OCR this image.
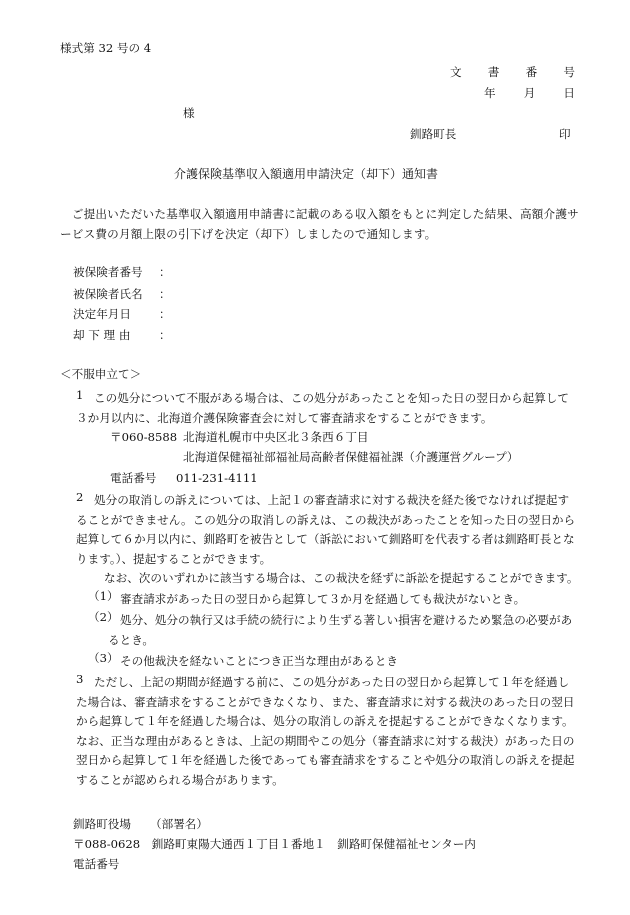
様式第 32 号の 4
文 書 番 号
年 月 日
様
釧路町長	印
介護保険基準収入額適用申請決定（却下）通知書
　ご提出いただいた基準収入額適用申請書に記載のある収入額をもとに判定した結果、高額介護サービス費の月額上限の引下げを決定（却下）しましたので通知します。
被保険者番号	：
被保険者氏名	：
決定年月日	：
却 下 理 由	：
＜不服申立て＞
1 この処分について不服がある場合は、この処分があったことを知った日の翌日から起算して３か月以内に、北海道介護保険審査会に対して審査請求をすることができます。
〒060-8588 北海道札幌市中央区北３条西６丁目
北海道保健福祉部福祉局高齢者保健福祉課（介護運営グループ）
電話番号 011-231-4111
2 処分の取消しの訴えについては、上記１の審査請求に対する裁決を経た後でなければ提起することができません。この処分の取消しの訴えは、この裁決があったことを知った日の翌日から起算して６か月以内に、釧路町を被告として（訴訟において釧路町を代表する者は釧路町長となります。）、提起することができます。
なお、次のいずれかに該当する場合は、この裁決を経ずに訴訟を提起することができます。
（1） 審査請求があった日の翌日から起算して３か月を経過しても裁決がないとき。
（2） 処分、処分の執行又は手続の続行により生ずる著しい損害を避けるため緊急の必要があるとき。
（3） その他裁決を経ないことにつき正当な理由があるとき
3 ただし、上記の期間が経過する前に、この処分があった日の翌日から起算して１年を経過した場合は、審査請求をすることができなくなり、また、審査請求に対する裁決のあった日の翌日から起算して１年を経過した場合は、処分の取消しの訴えを提起することができなくなります。なお、正当な理由があるときは、上記の期間やこの処分（審査請求に対する裁決）があった日の翌日から起算して１年を経過した後であっても審査請求をすることや処分の取消しの訴えを提起することが認められる場合があります。
釧路町役場 （部署名）
〒088-0628　釧路町東陽大通西１丁目１番地１　釧路町保健福祉センター内
電話番号
